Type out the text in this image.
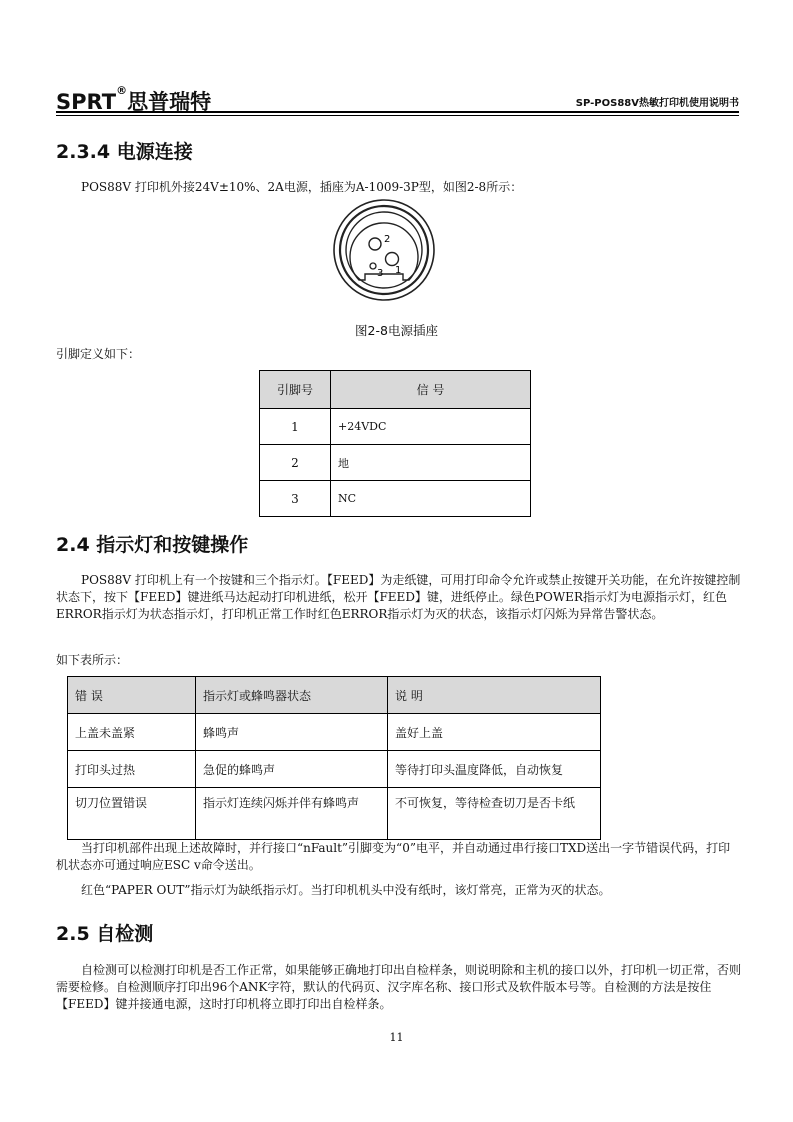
SPRT®思普瑞特	SP-POS88Ⅴ热敏打印机使用说明书
2.3.4 电源连接

POS88Ⅴ 打印机外接24V±10%、2A电源，插座为A-1009-3P型，如图2-8所示：

2
3 1
图2-8电源插座

引脚定义如下：

引脚号	信 号
1	+24VDC
2	地
3	NC
2.4 指示灯和按键操作

POS88Ⅴ 打印机上有一个按键和三个指示灯。【FEED】为走纸键，可用打印命令允许或禁止按键开关功能，在允许按键控制状态下，按下【FEED】键进纸马达起动打印机进纸，松开【FEED】键，进纸停止。绿色POWER指示灯为电源指示灯，红色ERROR指示灯为状态指示灯，打印机正常工作时红色ERROR指示灯为灭的状态，该指示灯闪烁为异常告警状态。

如下表所示：

错 误	指示灯或蜂鸣器状态	说 明
上盖未盖紧	蜂鸣声	盖好上盖
打印头过热	急促的蜂鸣声	等待打印头温度降低，自动恢复
切刀位置错误	指示灯连续闪烁并伴有蜂鸣声	不可恢复，等待检查切刀是否卡纸

当打印机部件出现上述故障时，并行接口“nFault”引脚变为“0”电平，并自动通过串行接口TXD送出一字节错误代码，打印机状态亦可通过响应ESC v命令送出。

红色“PAPER OUT”指示灯为缺纸指示灯。当打印机机头中没有纸时，该灯常亮，正常为灭的状态。

2.5 自检测

自检测可以检测打印机是否工作正常，如果能够正确地打印出自检样条，则说明除和主机的接口以外，打印机一切正常，否则需要检修。自检测顺序打印出96个ANK字符，默认的代码页、汉字库名称、接口形式及软件版本号等。自检测的方法是按住【FEED】键并接通电源，这时打印机将立即打印出自检样条。

11
